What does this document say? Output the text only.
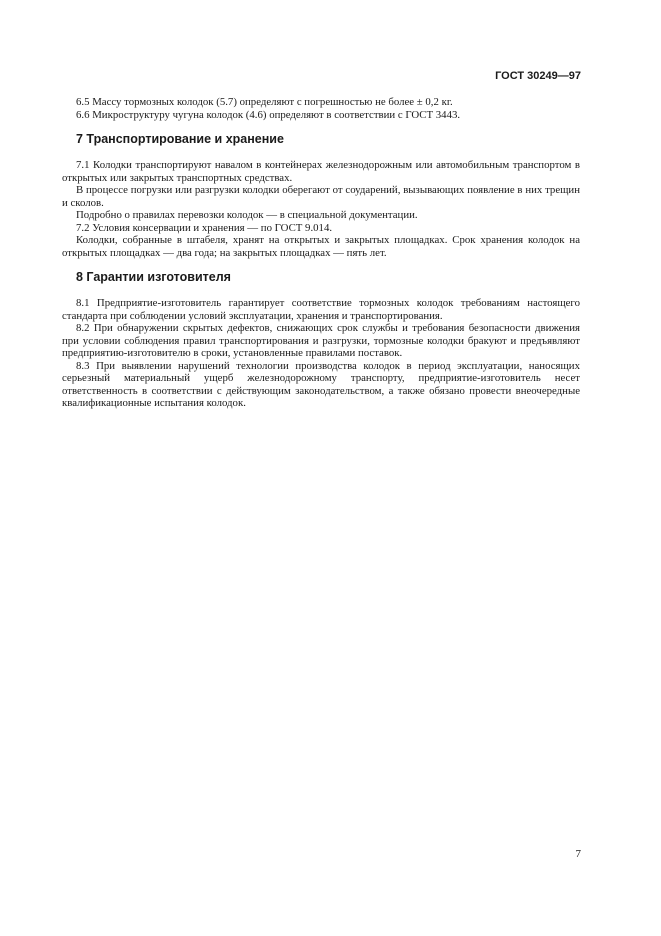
ГОСТ 30249—97

6.5 Массу тормозных колодок (5.7) определяют с погрешностью не более ± 0,2 кг.

6.6 Микроструктуру чугуна колодок (4.6) определяют в соответствии с ГОСТ 3443.

7 Транспортирование и хранение

7.1 Колодки транспортируют навалом в контейнерах железнодорожным или автомобильным транспортом в открытых или закрытых транспортных средствах.

В процессе погрузки или разгрузки колодки оберегают от соударений, вызывающих появление в них трещин и сколов.

Подробно о правилах перевозки колодок — в специальной документации.

7.2 Условия консервации и хранения — по ГОСТ 9.014.

Колодки, собранные в штабеля, хранят на открытых и закрытых площадках. Срок хранения колодок на открытых площадках — два года; на закрытых площадках — пять лет.

8 Гарантии изготовителя

8.1 Предприятие-изготовитель гарантирует соответствие тормозных колодок требованиям настоящего стандарта при соблюдении условий эксплуатации, хранения и транспортирования.

8.2 При обнаружении скрытых дефектов, снижающих срок службы и требования безопасности движения при условии соблюдения правил транспортирования и разгрузки, тормозные колодки бракуют и предъявляют предприятию-изготовителю в сроки, установленные правилами поставок.

8.3 При выявлении нарушений технологии производства колодок в период эксплуатации, наносящих серьезный материальный ущерб железнодорожному транспорту, предприятие-изготовитель несет ответственность в соответствии с действующим законодательством, а также обязано провести внеочередные квалификационные испытания колодок.

7
